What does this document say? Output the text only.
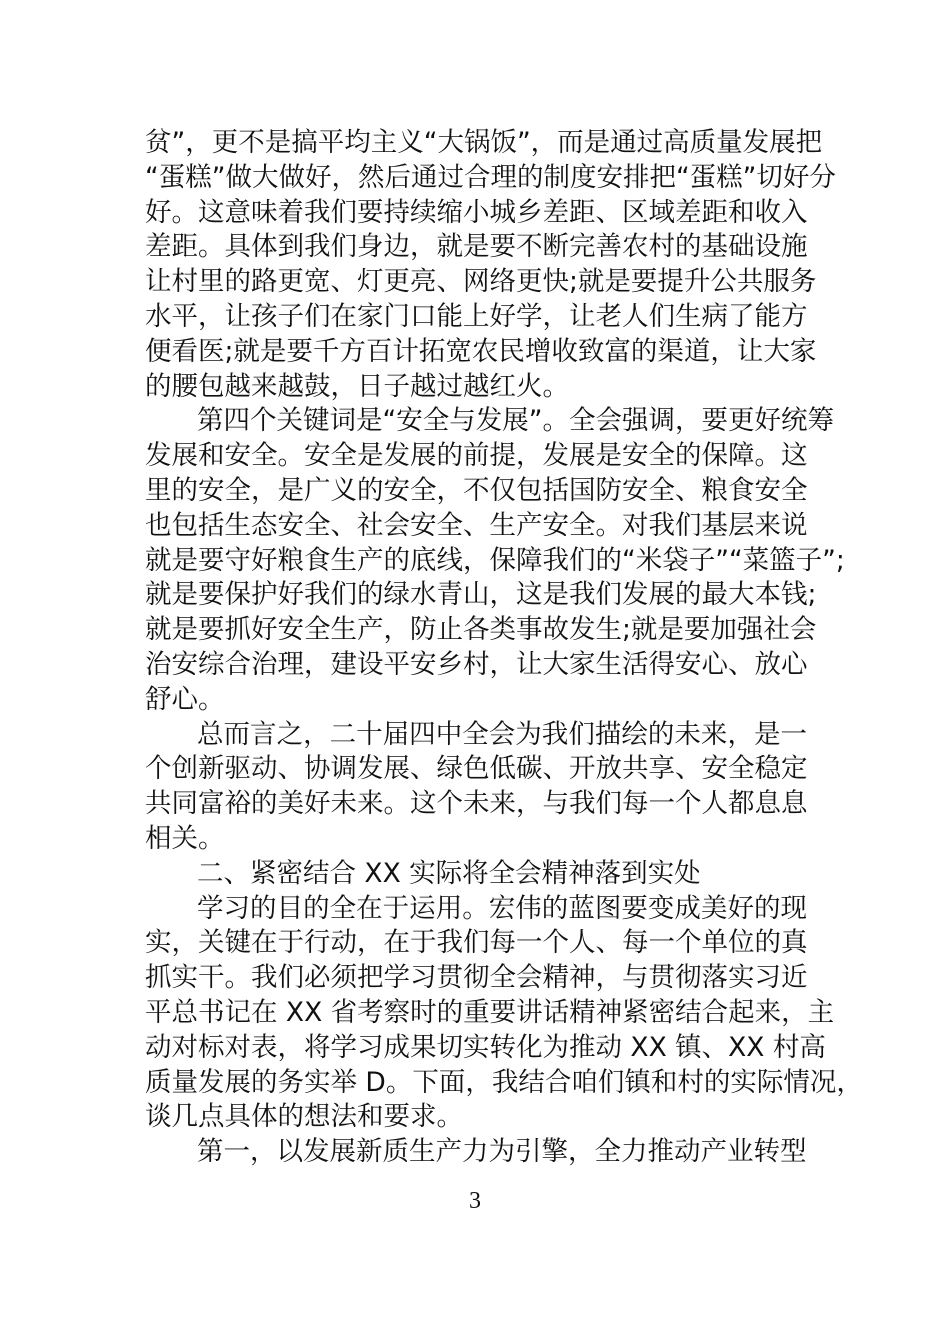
贫”，更不是搞平均主义“大锅饭”，而是通过高质量发展把
“蛋糕”做大做好，然后通过合理的制度安排把“蛋糕”切好分
好。这意味着我们要持续缩小城乡差距、区域差距和收入
差距。具体到我们身边，就是要不断完善农村的基础设施
让村里的路更宽、灯更亮、网络更快;就是要提升公共服务
水平，让孩子们在家门口能上好学，让老人们生病了能方
便看医;就是要千方百计拓宽农民增收致富的渠道，让大家
的腰包越来越鼓，日子越过越红火。
第四个关键词是“安全与发展”。全会强调，要更好统筹
发展和安全。安全是发展的前提，发展是安全的保障。这
里的安全，是广义的安全，不仅包括国防安全、粮食安全
也包括生态安全、社会安全、生产安全。对我们基层来说
就是要守好粮食生产的底线，保障我们的“米袋子”“菜篮子”;
就是要保护好我们的绿水青山，这是我们发展的最大本钱;
就是要抓好安全生产，防止各类事故发生;就是要加强社会
治安综合治理，建设平安乡村，让大家生活得安心、放心
舒心。
总而言之，二十届四中全会为我们描绘的未来，是一
个创新驱动、协调发展、绿色低碳、开放共享、安全稳定
共同富裕的美好未来。这个未来，与我们每一个人都息息
相关。
二、紧密结合 XX 实际将全会精神落到实处
学习的目的全在于运用。宏伟的蓝图要变成美好的现
实，关键在于行动，在于我们每一个人、每一个单位的真
抓实干。我们必须把学习贯彻全会精神，与贯彻落实习近
平总书记在 XX 省考察时的重要讲话精神紧密结合起来，主
动对标对表，将学习成果切实转化为推动 XX 镇、XX 村高
质量发展的务实举 D。下面，我结合咱们镇和村的实际情况，
谈几点具体的想法和要求。
第一，以发展新质生产力为引擎，全力推动产业转型
3
